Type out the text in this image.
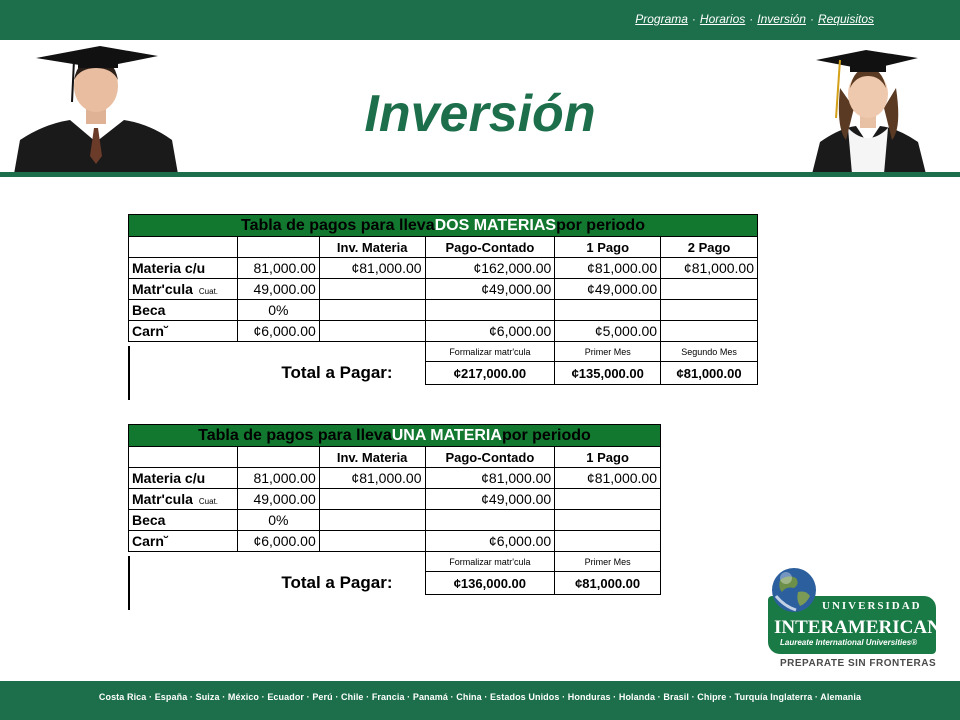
Programa · Horarios · Inversión · Requisitos
Inversión
Tabla de pagos para llevaDOS MATERIASpor periodo					
		Inv. Materia	Pago-Contado	1 Pago	2 Pago
Materia c/u	81,000.00	¢81,000.00	¢162,000.00	¢81,000.00	¢81,000.00
Matr'cula Cuat.	49,000.00		¢49,000.00	¢49,000.00	
Beca	0%				
Carn˘	¢6,000.00		¢6,000.00	¢5,000.00	

Total a Pagar:			Formalizar matr'cula	Primer Mes	Segundo Mes
			¢217,000.00	¢135,000.00	¢81,000.00
Tabla de pagos para llevaUNA MATERIApor periodo				
		Inv. Materia	Pago-Contado	1 Pago
Materia c/u	81,000.00	¢81,000.00	¢81,000.00	¢81,000.00
Matr'cula Cuat.	49,000.00		¢49,000.00	
Beca	0%			
Carn˘	¢6,000.00		¢6,000.00	

Total a Pagar:			Formalizar matr'cula	Primer Mes
			¢136,000.00	¢81,000.00
UNIVERSIDAD
INTERAMERICANA
Laureate International Universities®
PREPARATE SIN FRONTERAS
Costa Rica · España · Suiza · México · Ecuador · Perú · Chile · Francia · Panamá · China · Estados Unidos · Honduras · Holanda · Brasil · Chipre · Turquía Inglaterra · Alemania
